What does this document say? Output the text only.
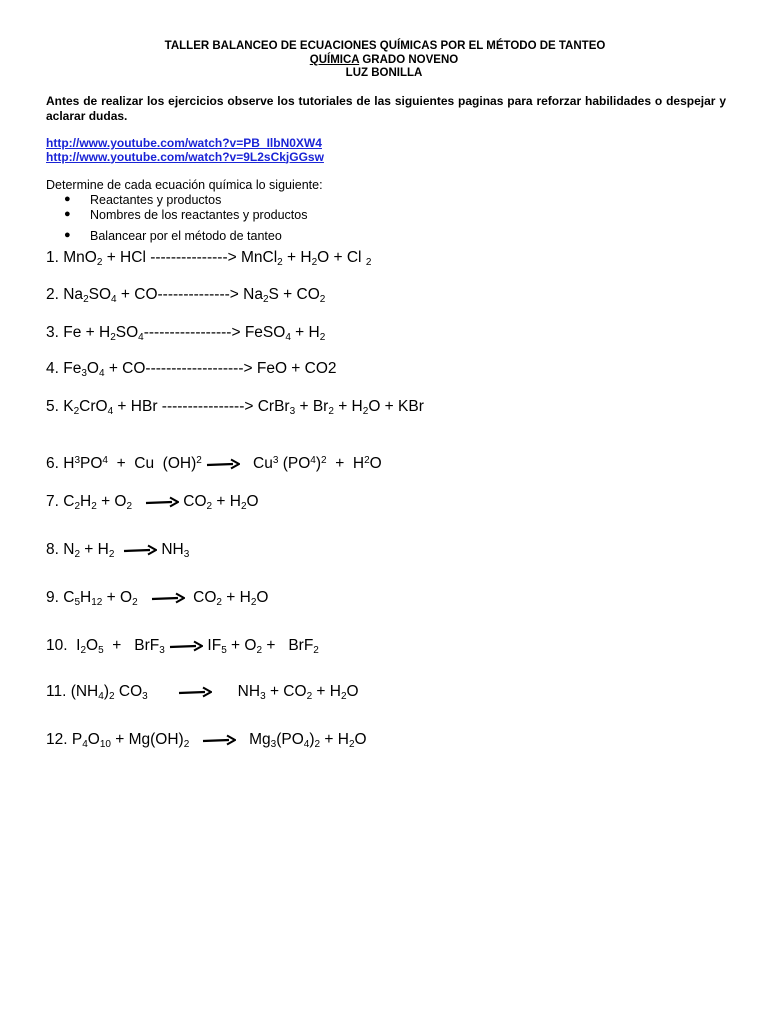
TALLER BALANCEO DE ECUACIONES QUÍMICAS POR EL MÉTODO DE TANTEO
QUÍMICA GRADO NOVENO
LUZ BONILLA
Antes de realizar los ejercicios observe los tutoriales de las siguientes paginas para reforzar habilidades o despejar y aclarar dudas.
http://www.youtube.com/watch?v=PB_IlbN0XW4
http://www.youtube.com/watch?v=9L2sCkjGGsw
Determine de cada ecuación química lo siguiente:
● Reactantes y productos
● Nombres de los reactantes y productos
● Balancear por el método de tanteo
1. MnO$_2$ + HCl ---------------> MnCl$_2$ + $H_2O + Cl$ $_2$
2. $Na_2SO_4 + CO--------------> Na_2S + CO_2$
3. $Fe + H_2SO_4----------------->$ FeSO$_4$ + $H_2$
4. $Fe_3O_4 + CO------------------->$ FeO + CO2
5. $K_2CrO_4$ + HBr ----------------> CrBr$_3$ + $Br_2 + H_2O$ + KBr
6. $H^3PO^4 + Cu$  (OH)$^2$    Cu$^3$ $(PO^4)^2 + H^2O$
7. $C_2H_2 + O_2$	$CO_2 + H_2O$
8. $N_2 + H_2$	$NH_3$
9. $C_5H_{12} + O_2$	$CO_2 + H_2O$
10.  $I_2O_5 + BrF_3$  $IF_5 + O_2 + BrF_2$
11. $(NH_4)_2$ $CO_3$	$NH_3 + CO_2 + H_2O$
12. $P_4O_{10} + Mg(OH)_2$	$Mg_3(PO_4)_2 + H_2O$
